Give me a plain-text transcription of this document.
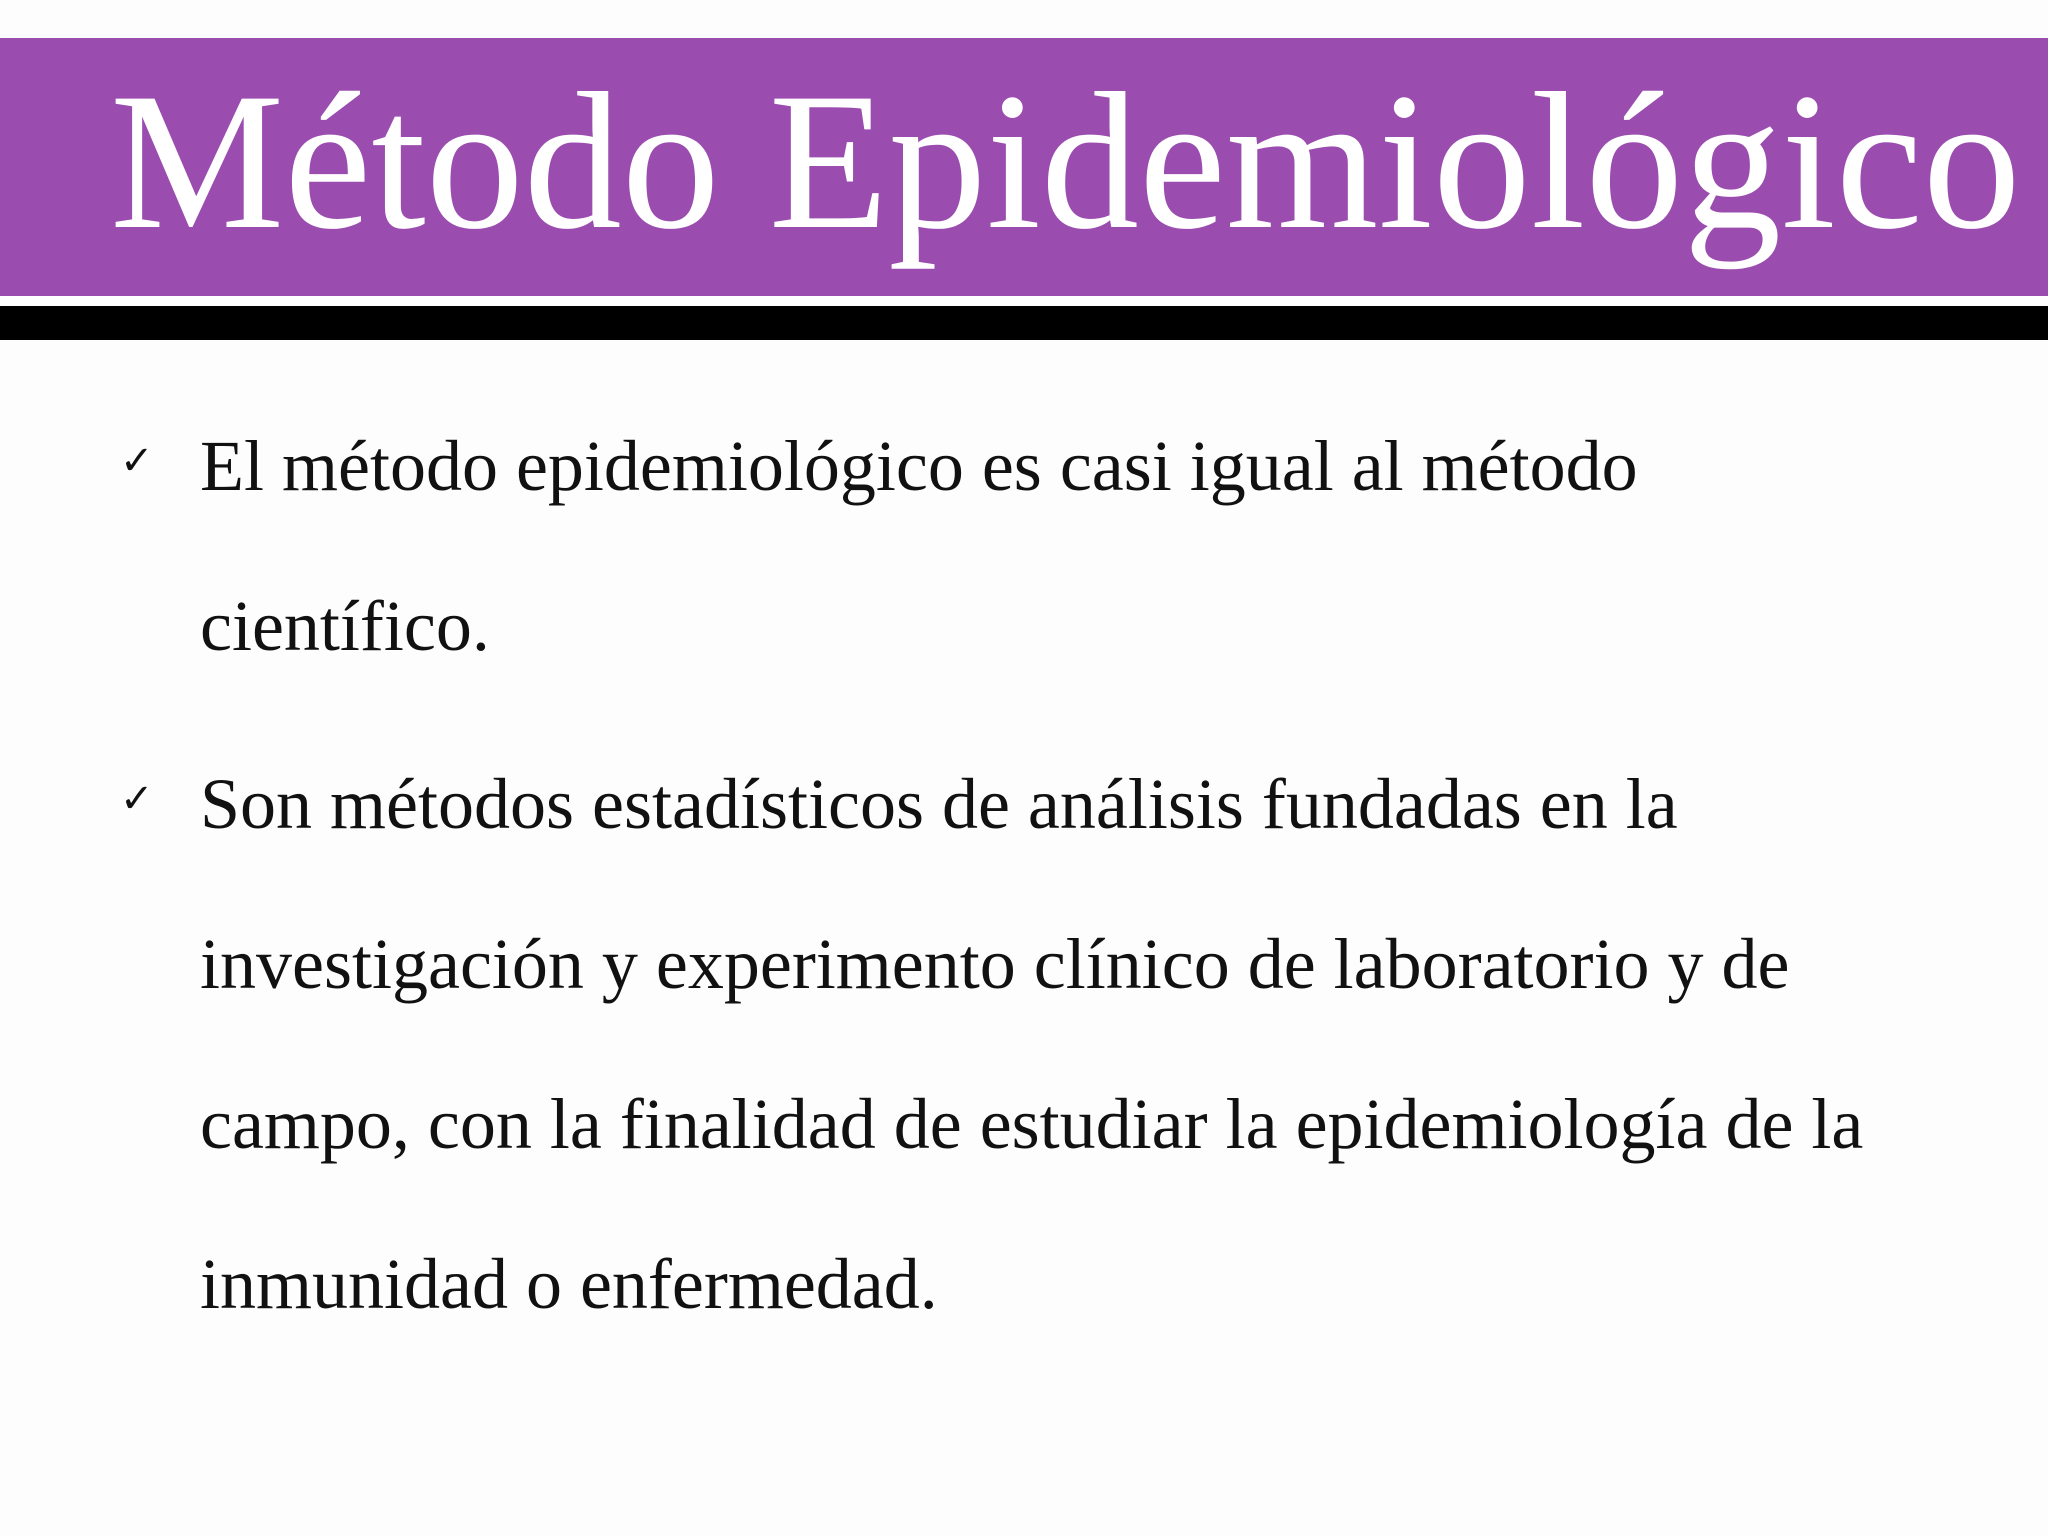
Método Epidemiológico
✓ El método epidemiológico es casi igual al método
científico.
✓ Son métodos estadísticos de análisis fundadas en la
investigación y experimento clínico de laboratorio y de
campo, con la finalidad de estudiar la epidemiología de la
inmunidad o enfermedad.
